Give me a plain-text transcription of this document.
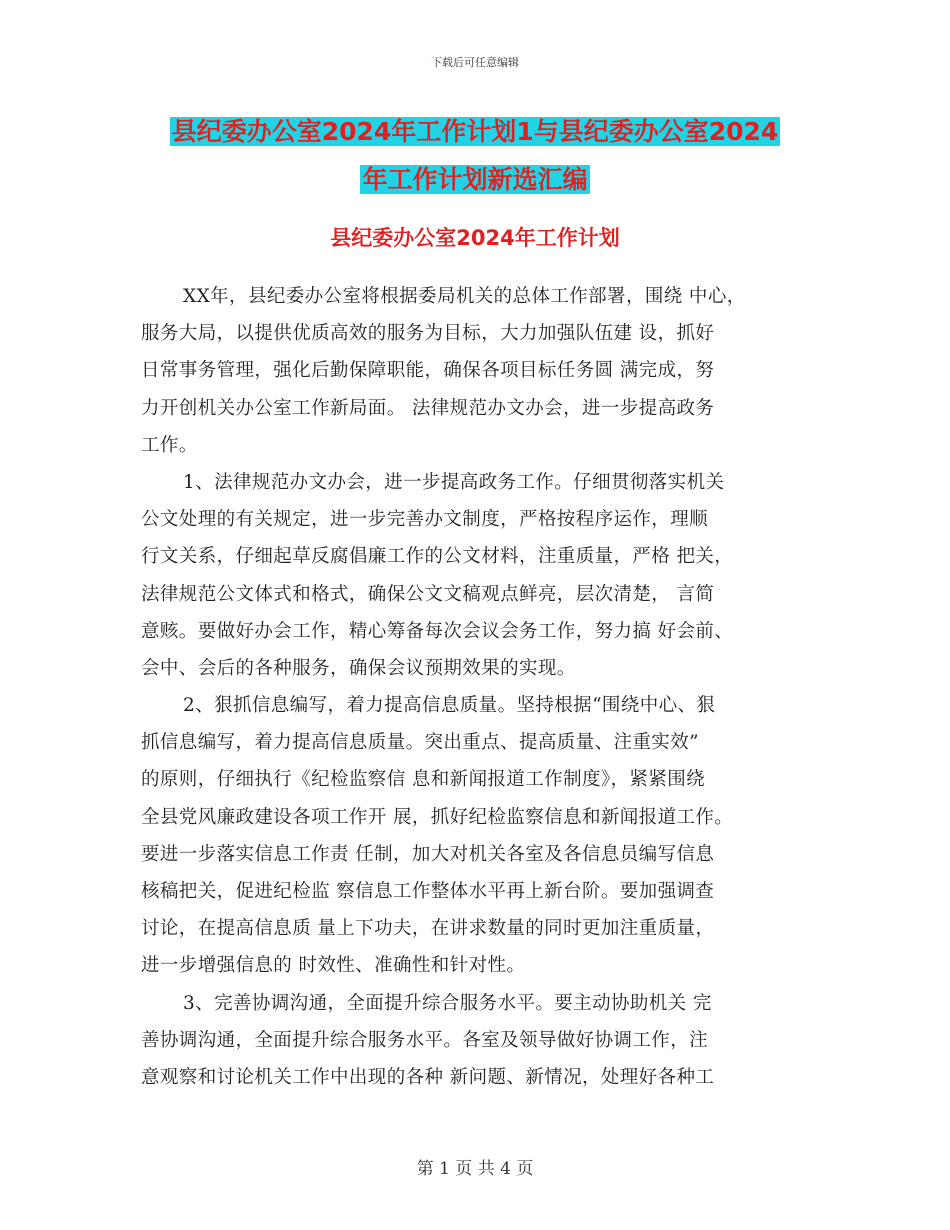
下载后可任意编辑
县纪委办公室2024年工作计划1与县纪委办公室2024
年工作计划新选汇编
县纪委办公室2024年工作计划
XX年，县纪委办公室将根据委局机关的总体工作部署，围绕 中心，
服务大局，以提供优质高效的服务为目标，大力加强队伍建 设，抓好
日常事务管理，强化后勤保障职能，确保各项目标任务圆 满完成，努
力开创机关办公室工作新局面。 法律规范办文办会，进一步提高政务
工作。
1、法律规范办文办会，进一步提高政务工作。仔细贯彻落实机关
公文处理的有关规定，进一步完善办文制度，严格按程序运作，理顺
行文关系，仔细起草反腐倡廉工作的公文材料，注重质量，严格 把关，
法律规范公文体式和格式，确保公文文稿观点鲜亮，层次清楚， 言简
意赅。要做好办会工作，精心筹备每次会议会务工作，努力搞 好会前、
会中、会后的各种服务，确保会议预期效果的实现。
2、狠抓信息编写，着力提高信息质量。坚持根据“围绕中心、狠
抓信息编写，着力提高信息质量。突出重点、提高质量、注重实效”
的原则，仔细执行《纪检监察信 息和新闻报道工作制度》，紧紧围绕
全县党风廉政建设各项工作开 展，抓好纪检监察信息和新闻报道工作。
要进一步落实信息工作责 任制，加大对机关各室及各信息员编写信息
核稿把关，促进纪检监 察信息工作整体水平再上新台阶。要加强调查
讨论，在提高信息质 量上下功夫，在讲求数量的同时更加注重质量，
进一步增强信息的 时效性、准确性和针对性。
3、完善协调沟通，全面提升综合服务水平。要主动协助机关 完
善协调沟通，全面提升综合服务水平。各室及领导做好协调工作，注
意观察和讨论机关工作中出现的各种 新问题、新情况，处理好各种工
第 1 页 共 4 页
